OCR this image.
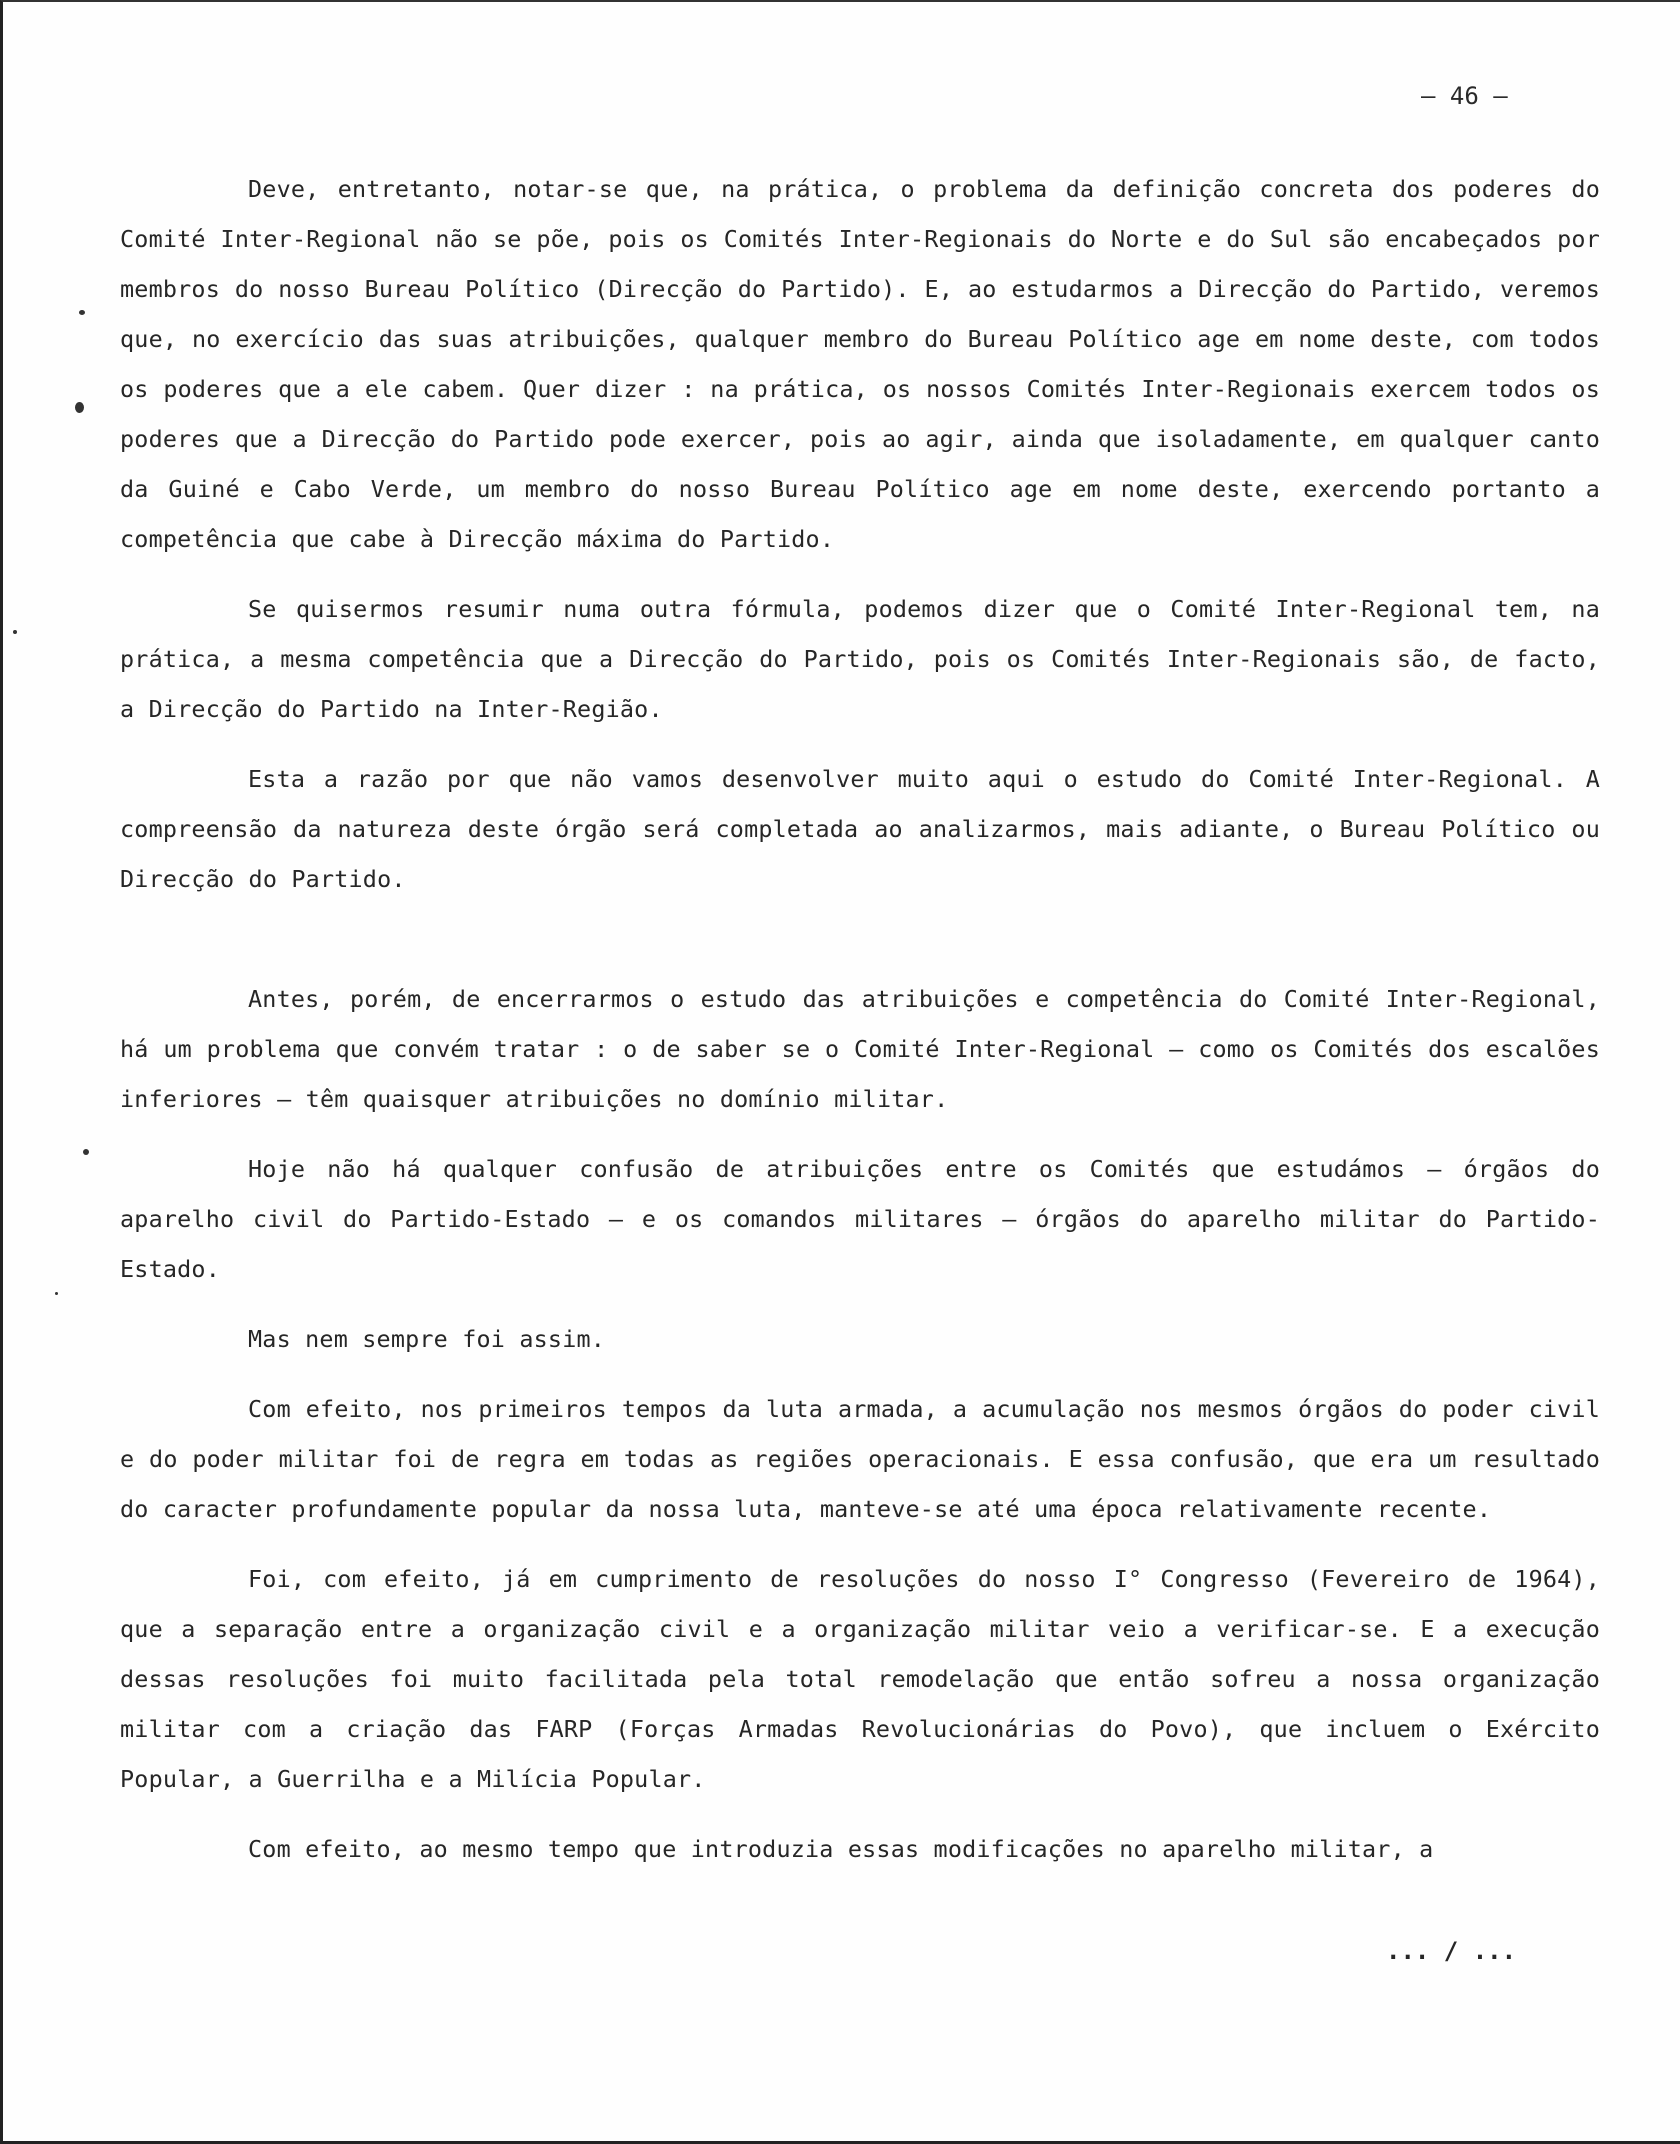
– 46 –

Deve, entretanto, notar-se que, na prática, o problema da definição concreta dos poderes do Comité Inter-Regional não se põe, pois os Comités Inter-Regionais do Norte e do Sul são encabeçados por membros do nosso Bureau Político (Direcção do Partido). E, ao estudarmos a Direcção do Partido, veremos que, no exercício das suas atribuições, qualquer membro do Bureau Político age em nome deste, com todos os poderes que a ele cabem. Quer dizer : na prática, os nossos Comités Inter-Regionais exercem todos os poderes que a Direcção do Partido pode exercer, pois ao agir, ainda que isoladamente, em qualquer canto da Guiné e Cabo Verde, um membro do nosso Bureau Político age em nome deste, exercendo portanto a competência que cabe à Direcção máxima do Partido.

Se quisermos resumir numa outra fórmula, podemos dizer que o Comité Inter-Regional tem, na prática, a mesma competência que a Direcção do Partido, pois os Comités Inter-Regionais são, de facto, a Direcção do Partido na Inter-Região.

Esta a razão por que não vamos desenvolver muito aqui o estudo do Comité Inter-Regional. A compreensão da natureza deste órgão será completada ao analizarmos, mais adiante, o Bureau Político ou Direcção do Partido.

Antes, porém, de encerrarmos o estudo das atribuições e competência do Comité Inter-Regional, há um problema que convém tratar : o de saber se o Comité Inter-Regional – como os Comités dos escalões inferiores – têm quaisquer atribuições no domínio militar.

Hoje não há qualquer confusão de atribuições entre os Comités que estudámos – órgãos do aparelho civil do Partido-Estado – e os comandos militares – órgãos do aparelho militar do Partido-Estado.

Mas nem sempre foi assim.

Com efeito, nos primeiros tempos da luta armada, a acumulação nos mesmos órgãos do poder civil e do poder militar foi de regra em todas as regiões operacionais. E essa confusão, que era um resultado do caracter profundamente popular da nossa luta, manteve-se até uma época relativamente recente.

Foi, com efeito, já em cumprimento de resoluções do nosso I° Congresso (Fevereiro de 1964), que a separação entre a organização civil e a organização militar veio a verificar-se. E a execução dessas resoluções foi muito facilitada pela total remodelação que então sofreu a nossa organização militar com a criação das FARP (Forças Armadas Revolucionárias do Povo), que incluem o Exército Popular, a Guerrilha e a Milícia Popular.

Com efeito, ao mesmo tempo que introduzia essas modificações no aparelho militar, a

... / ...
